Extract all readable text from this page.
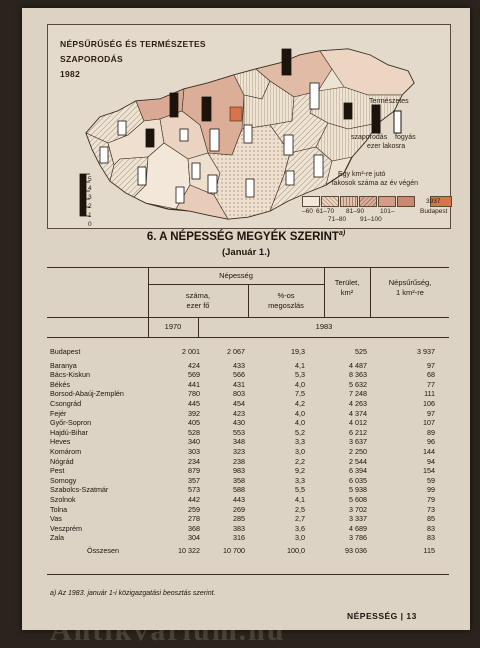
NÉPSŰRŰSÉG ÉS TERMÉSZETES
SZAPORODÁS
1982
5
4
3
2
1
0
Természetes
szaporodás fogyás
ezer lakosra
Egy km²-re jutó
lakosok száma az év végén
–60 61–70
71–80
81–90
91–100
101–
3937
Budapest
6. A NÉPESSÉG MEGYÉK SZERINT$^{a)}$
(Január 1.)
Népesség
száma,
ezer fő
%-os
megoszlás
Terület,
km²
Népsűrűség,
1 km²-re
1970	1983
Budapest	2 001	2 067	19,3	525	3 937
Baranya	424	433	4,1	4 487	97
Bács-Kiskun	569	566	5,3	8 363	68
Békés	441	431	4,0	5 632	77
Borsod-Abaúj-Zemplén	780	803	7,5	7 248	111
Csongrád	445	454	4,2	4 263	106
Fejér	392	423	4,0	4 374	97
Győr-Sopron	405	430	4,0	4 012	107
Hajdú-Bihar	528	553	5,2	6 212	89
Heves	340	348	3,3	3 637	96
Komárom	303	323	3,0	2 250	144
Nógrád	234	238	2,2	2 544	94
Pest	879	983	9,2	6 394	154
Somogy	357	358	3,3	6 035	59
Szabolcs-Szatmár	573	588	5,5	5 938	99
Szolnok	442	443	4,1	5 608	79
Tolna	259	269	2,5	3 702	73
Vas	278	285	2,7	3 337	85
Veszprém	368	383	3,6	4 689	83
Zala	304	316	3,0	3 786	83
Összesen	10 322	10 700	100,0	93 036	115
a) Az 1983. január 1-i közigazgatási beosztás szerint.
NÉPESSÉG | 13
Antikvárium.hu
